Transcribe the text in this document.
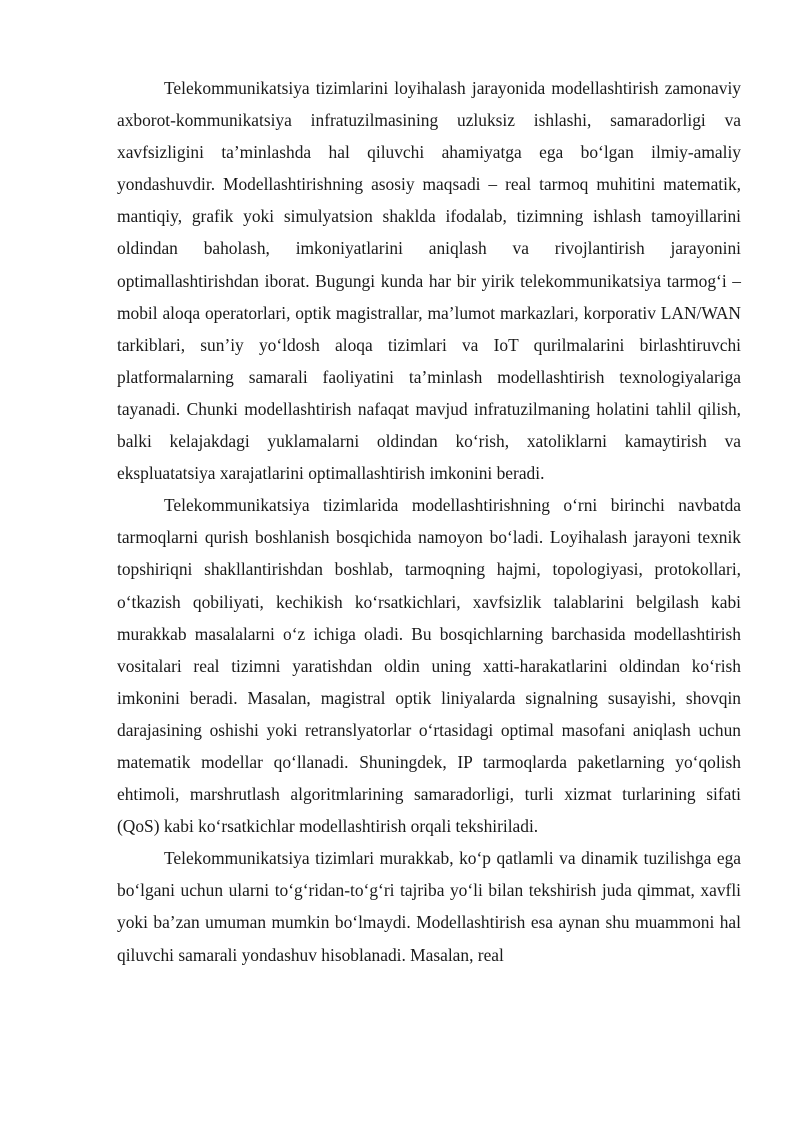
Telekommunikatsiya tizimlarini loyihalash jarayonida modellashtirish zamonaviy axborot-kommunikatsiya infratuzilmasining uzluksiz ishlashi, samaradorligi va xavfsizligini ta’minlashda hal qiluvchi ahamiyatga ega bo‘lgan ilmiy-amaliy yondashuvdir. Modellashtirishning asosiy maqsadi – real tarmoq muhitini matematik, mantiqiy, grafik yoki simulyatsion shaklda ifodalab, tizimning ishlash tamoyillarini oldindan baholash, imkoniyatlarini aniqlash va rivojlantirish jarayonini optimallashtirishdan iborat. Bugungi kunda har bir yirik telekommunikatsiya tarmog‘i – mobil aloqa operatorlari, optik magistrallar, ma’lumot markazlari, korporativ LAN/WAN tarkiblari, sun’iy yo‘ldosh aloqa tizimlari va IoT qurilmalarini birlashtiruvchi platformalarning samarali faoliyatini ta’minlash modellashtirish texnologiyalariga tayanadi. Chunki modellashtirish nafaqat mavjud infratuzilmaning holatini tahlil qilish, balki kelajakdagi yuklamalarni oldindan ko‘rish, xatoliklarni kamaytirish va ekspluatatsiya xarajatlarini optimallashtirish imkonini beradi.

Telekommunikatsiya tizimlarida modellashtirishning o‘rni birinchi navbatda tarmoqlarni qurish boshlanish bosqichida namoyon bo‘ladi. Loyihalash jarayoni texnik topshiriqni shakllantirishdan boshlab, tarmoqning hajmi, topologiyasi, protokollari, o‘tkazish qobiliyati, kechikish ko‘rsatkichlari, xavfsizlik talablarini belgilash kabi murakkab masalalarni o‘z ichiga oladi. Bu bosqichlarning barchasida modellashtirish vositalari real tizimni yaratishdan oldin uning xatti-harakatlarini oldindan ko‘rish imkonini beradi. Masalan, magistral optik liniyalarda signalning susayishi, shovqin darajasining oshishi yoki retranslyatorlar o‘rtasidagi optimal masofani aniqlash uchun matematik modellar qo‘llanadi. Shuningdek, IP tarmoqlarda paketlarning yo‘qolish ehtimoli, marshrutlash algoritmlarining samaradorligi, turli xizmat turlarining sifati (QoS) kabi ko‘rsatkichlar modellashtirish orqali tekshiriladi.

Telekommunikatsiya tizimlari murakkab, ko‘p qatlamli va dinamik tuzilishga ega bo‘lgani uchun ularni to‘g‘ridan-to‘g‘ri tajriba yo‘li bilan tekshirish juda qimmat, xavfli yoki ba’zan umuman mumkin bo‘lmaydi. Modellashtirish esa aynan shu muammoni hal qiluvchi samarali yondashuv hisoblanadi. Masalan, real
